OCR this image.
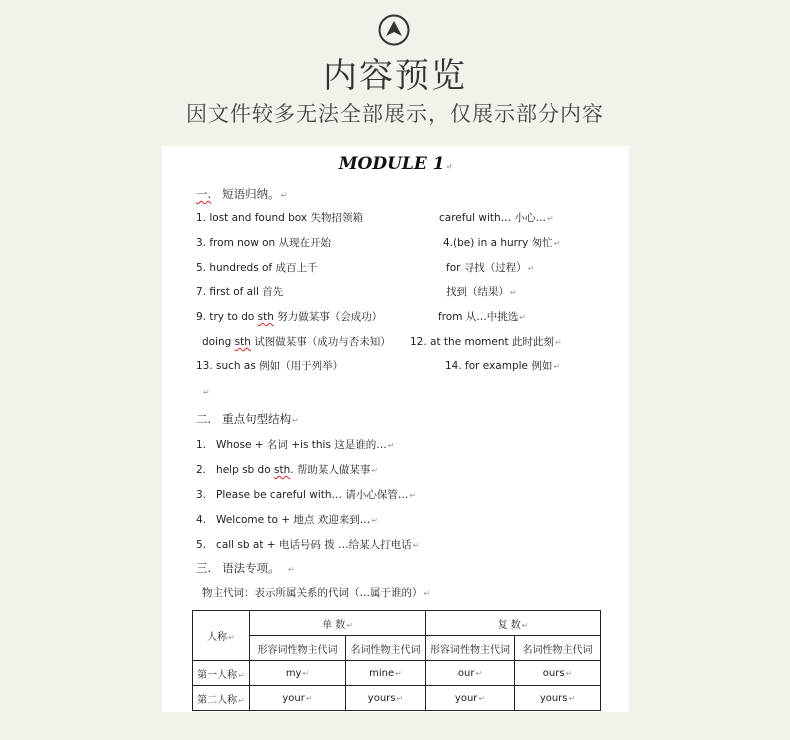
内容预览
因文件较多无法全部展示，仅展示部分内容
MODULE 1↵
一. 短语归纳。↵
1. lost and found box 失物招领箱	careful with… 小心…↵
3. from now on 从现在开始	4.(be) in a hurry 匆忙↵
5. hundreds of 成百上千	for 寻找（过程）↵
7. first of all 首先	找到（结果）↵
9. try to do sth 努力做某事（会成功）	from 从…中挑选↵
doing sth 试图做某事（成功与否未知） 12. at the moment 此时此刻↵
13. such as 例如（用于列举）	14. for example 例如↵
↵
二. 重点句型结构↵
1. Whose + 名词 +is this 这是谁的…↵
2. help sb do sth. 帮助某人做某事↵
3. Please be careful with… 请小心保管…↵
4. Welcome to + 地点 欢迎来到…↵
5. call sb at + 电话号码 拨 …给某人打电话↵
三. 语法专项。 ↵
物主代词：表示所属关系的代词（…属于谁的）↵
人称↵	单 数↵		复 数↵	
	形容词性物主代词	名词性物主代词	形容词性物主代词	名词性物主代词
第一人称↵	my↵	mine↵	our↵	ours↵
第二人称↵	your↵	yours↵	your↵	yours↵
